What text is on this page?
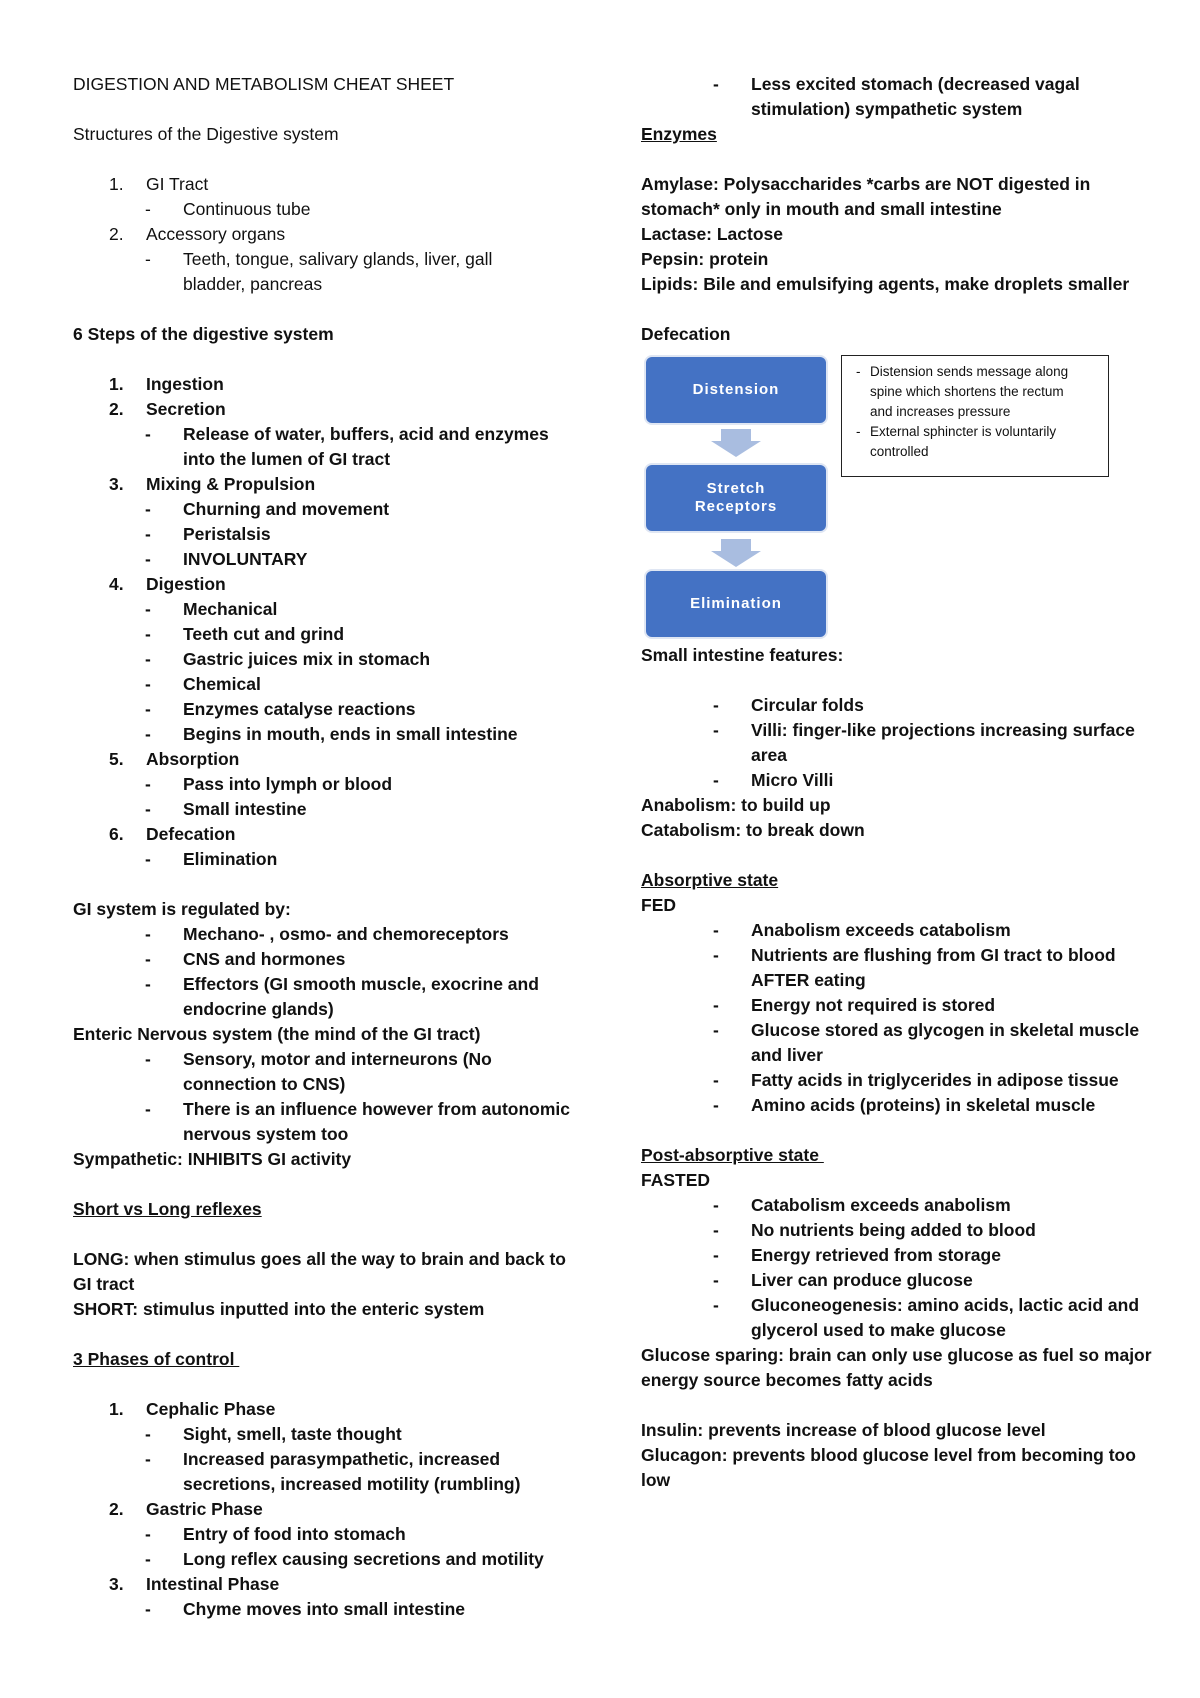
DIGESTION AND METABOLISM CHEAT SHEET
Structures of the Digestive system
1. GI Tract
- Continuous tube
2. Accessory organs
- Teeth, tongue, salivary glands, liver, gall
bladder, pancreas
6 Steps of the digestive system
1. Ingestion
2. Secretion
- Release of water, buffers, acid and enzymes
into the lumen of GI tract
3. Mixing & Propulsion
- Churning and movement
- Peristalsis
- INVOLUNTARY
4. Digestion
- Mechanical
- Teeth cut and grind
- Gastric juices mix in stomach
- Chemical
- Enzymes catalyse reactions
- Begins in mouth, ends in small intestine
5. Absorption
- Pass into lymph or blood
- Small intestine
6. Defecation
- Elimination
GI system is regulated by:
- Mechano- , osmo- and chemoreceptors
- CNS and hormones
- Effectors (GI smooth muscle, exocrine and
endocrine glands)
Enteric Nervous system (the mind of the GI tract)
- Sensory, motor and interneurons (No
connection to CNS)
- There is an influence however from autonomic
nervous system too
Sympathetic: INHIBITS GI activity
Short vs Long reflexes
LONG: when stimulus goes all the way to brain and back to
GI tract
SHORT: stimulus inputted into the enteric system
3 Phases of control
1. Cephalic Phase
- Sight, smell, taste thought
- Increased parasympathetic, increased
secretions, increased motility (rumbling)
2. Gastric Phase
- Entry of food into stomach
- Long reflex causing secretions and motility
3. Intestinal Phase
- Chyme moves into small intestine
- Less excited stomach (decreased vagal
stimulation) sympathetic system
Enzymes
Amylase: Polysaccharides *carbs are NOT digested in
stomach* only in mouth and small intestine
Lactase: Lactose
Pepsin: protein
Lipids: Bile and emulsifying agents, make droplets smaller
Defecation
Distension
Stretch
Receptors
Elimination
- Distension sends message along
spine which shortens the rectum
and increases pressure
- External sphincter is voluntarily
controlled
Small intestine features:
- Circular folds
- Villi: finger-like projections increasing surface
area
- Micro Villi
Anabolism: to build up
Catabolism: to break down
Absorptive state
FED
- Anabolism exceeds catabolism
- Nutrients are flushing from GI tract to blood
AFTER eating
- Energy not required is stored
- Glucose stored as glycogen in skeletal muscle
and liver
- Fatty acids in triglycerides in adipose tissue
- Amino acids (proteins) in skeletal muscle
Post-absorptive state
FASTED
- Catabolism exceeds anabolism
- No nutrients being added to blood
- Energy retrieved from storage
- Liver can produce glucose
- Gluconeogenesis: amino acids, lactic acid and
glycerol used to make glucose
Glucose sparing: brain can only use glucose as fuel so major
energy source becomes fatty acids
Insulin: prevents increase of blood glucose level
Glucagon: prevents blood glucose level from becoming too
low
